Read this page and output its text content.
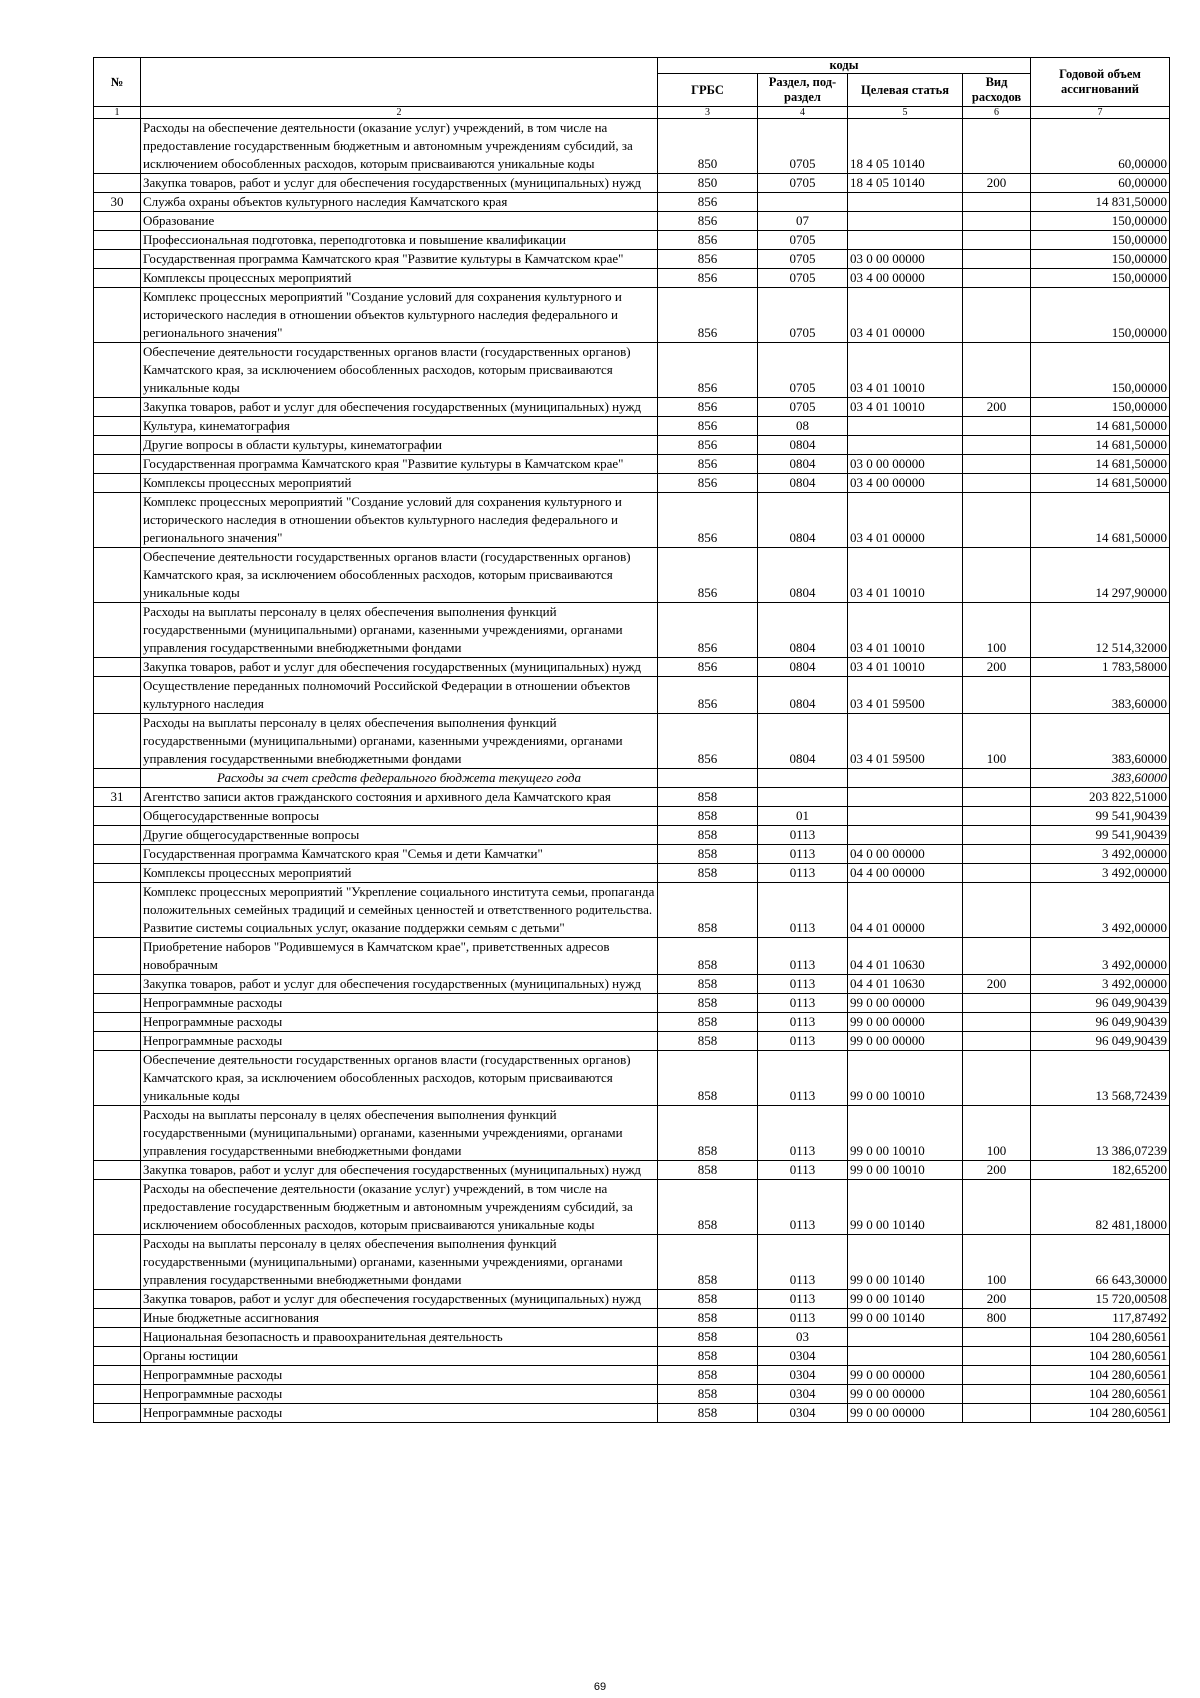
№		коды				Годовой объем ассигнований
		ГРБС	Раздел, под-раздел	Целевая статья	Вид расходов	
1	2	3	4	5	6	7
	Расходы на обеспечение деятельности (оказание услуг) учреждений, в том числе на предоставление государственным бюджетным и автономным учреждениям субсидий, за исключением обособленных расходов, которым присваиваются уникальные коды	850	0705	18 4 05 10140		60,00000
	Закупка товаров, работ и услуг для обеспечения государственных (муниципальных) нужд	850	0705	18 4 05 10140	200	60,00000
30	Служба охраны объектов культурного наследия Камчатского края	856				14 831,50000
	Образование	856	07			150,00000
	Профессиональная подготовка, переподготовка и повышение квалификации	856	0705			150,00000
	Государственная программа Камчатского края "Развитие культуры в Камчатском крае"	856	0705	03 0 00 00000		150,00000
	Комплексы процессных мероприятий	856	0705	03 4 00 00000		150,00000
	Комплекс процессных мероприятий "Создание условий для сохранения культурного и исторического наследия в отношении объектов культурного наследия федерального и регионального значения"	856	0705	03 4 01 00000		150,00000
	Обеспечение деятельности государственных органов власти (государственных органов) Камчатского края, за исключением обособленных расходов, которым присваиваются уникальные коды	856	0705	03 4 01 10010		150,00000
	Закупка товаров, работ и услуг для обеспечения государственных (муниципальных) нужд	856	0705	03 4 01 10010	200	150,00000
	Культура, кинематография	856	08			14 681,50000
	Другие вопросы в области культуры, кинематографии	856	0804			14 681,50000
	Государственная программа Камчатского края "Развитие культуры в Камчатском крае"	856	0804	03 0 00 00000		14 681,50000
	Комплексы процессных мероприятий	856	0804	03 4 00 00000		14 681,50000
	Комплекс процессных мероприятий "Создание условий для сохранения культурного и исторического наследия в отношении объектов культурного наследия федерального и регионального значения"	856	0804	03 4 01 00000		14 681,50000
	Обеспечение деятельности государственных органов власти (государственных органов) Камчатского края, за исключением обособленных расходов, которым присваиваются уникальные коды	856	0804	03 4 01 10010		14 297,90000
	Расходы на выплаты персоналу в целях обеспечения выполнения функций государственными (муниципальными) органами, казенными учреждениями, органами управления государственными внебюджетными фондами	856	0804	03 4 01 10010	100	12 514,32000
	Закупка товаров, работ и услуг для обеспечения государственных (муниципальных) нужд	856	0804	03 4 01 10010	200	1 783,58000
	Осуществление переданных полномочий Российской Федерации в отношении объектов культурного наследия	856	0804	03 4 01 59500		383,60000
	Расходы на выплаты персоналу в целях обеспечения выполнения функций государственными (муниципальными) органами, казенными учреждениями, органами управления государственными внебюджетными фондами	856	0804	03 4 01 59500	100	383,60000
	Расходы за счет средств федерального бюджета текущего года					383,60000
31	Агентство записи актов гражданского состояния и архивного дела Камчатского края	858				203 822,51000
	Общегосударственные вопросы	858	01			99 541,90439
	Другие общегосударственные вопросы	858	0113			99 541,90439
	Государственная программа Камчатского края "Семья и дети Камчатки"	858	0113	04 0 00 00000		3 492,00000
	Комплексы процессных мероприятий	858	0113	04 4 00 00000		3 492,00000
	Комплекс процессных мероприятий "Укрепление социального института семьи, пропаганда положительных семейных традиций и семейных ценностей и ответственного родительства. Развитие системы социальных услуг, оказание поддержки семьям с детьми"	858	0113	04 4 01 00000		3 492,00000
	Приобретение наборов "Родившемуся в Камчатском крае", приветственных адресов новобрачным	858	0113	04 4 01 10630		3 492,00000
	Закупка товаров, работ и услуг для обеспечения государственных (муниципальных) нужд	858	0113	04 4 01 10630	200	3 492,00000
	Непрограммные расходы	858	0113	99 0 00 00000		96 049,90439
	Непрограммные расходы	858	0113	99 0 00 00000		96 049,90439
	Непрограммные расходы	858	0113	99 0 00 00000		96 049,90439
	Обеспечение деятельности государственных органов власти (государственных органов) Камчатского края, за исключением обособленных расходов, которым присваиваются уникальные коды	858	0113	99 0 00 10010		13 568,72439
	Расходы на выплаты персоналу в целях обеспечения выполнения функций государственными (муниципальными) органами, казенными учреждениями, органами управления государственными внебюджетными фондами	858	0113	99 0 00 10010	100	13 386,07239
	Закупка товаров, работ и услуг для обеспечения государственных (муниципальных) нужд	858	0113	99 0 00 10010	200	182,65200
	Расходы на обеспечение деятельности (оказание услуг) учреждений, в том числе на предоставление государственным бюджетным и автономным учреждениям субсидий, за исключением обособленных расходов, которым присваиваются уникальные коды	858	0113	99 0 00 10140		82 481,18000
	Расходы на выплаты персоналу в целях обеспечения выполнения функций государственными (муниципальными) органами, казенными учреждениями, органами управления государственными внебюджетными фондами	858	0113	99 0 00 10140	100	66 643,30000
	Закупка товаров, работ и услуг для обеспечения государственных (муниципальных) нужд	858	0113	99 0 00 10140	200	15 720,00508
	Иные бюджетные ассигнования	858	0113	99 0 00 10140	800	117,87492
	Национальная безопасность и правоохранительная деятельность	858	03			104 280,60561
	Органы юстиции	858	0304			104 280,60561
	Непрограммные расходы	858	0304	99 0 00 00000		104 280,60561
	Непрограммные расходы	858	0304	99 0 00 00000		104 280,60561
	Непрограммные расходы	858	0304	99 0 00 00000		104 280,60561
69
